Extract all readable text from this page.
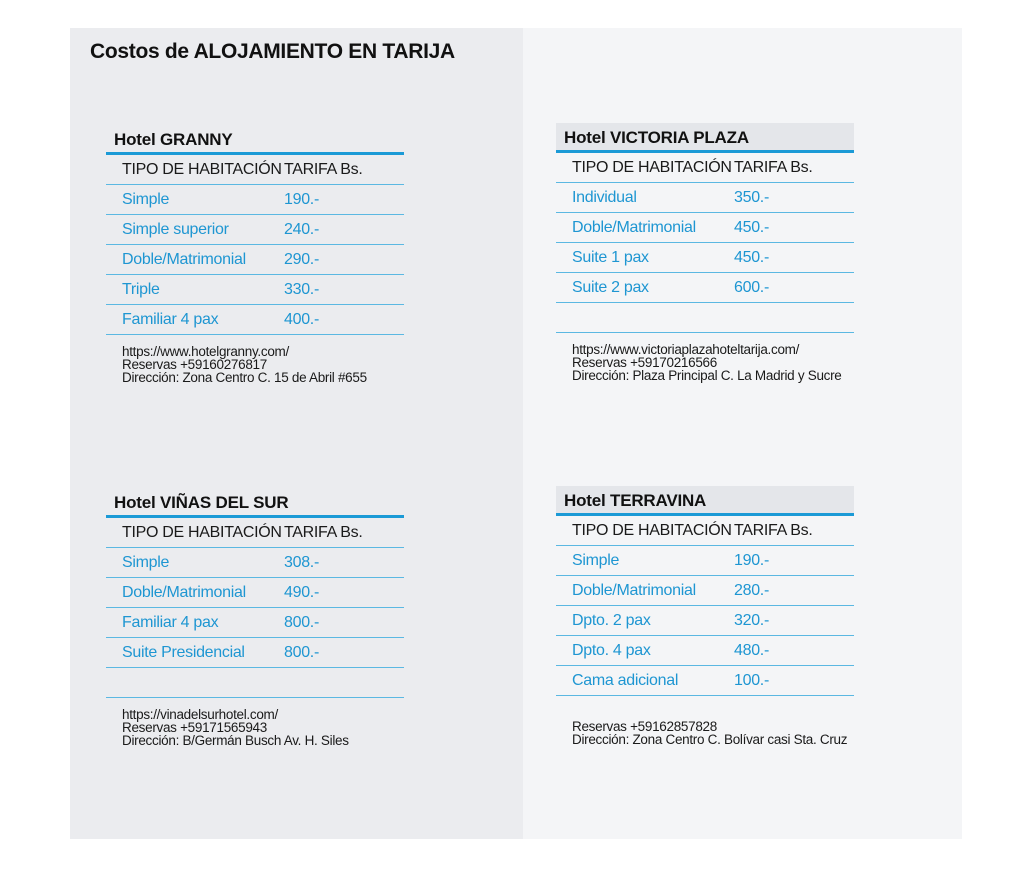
Costos de ALOJAMIENTO EN TARIJA
Hotel GRANNY
TIPO DE HABITACIÓN TARIFA Bs.
Simple	190.-
Simple superior	240.-
Doble/Matrimonial	290.-
Triple	330.-
Familiar 4 pax	400.-
https://www.hotelgranny.com/
Reservas +59160276817
Dirección: Zona Centro C. 15 de Abril #655
Hotel VICTORIA PLAZA
TIPO DE HABITACIÓN TARIFA Bs.
Individual	350.-
Doble/Matrimonial	450.-
Suite 1 pax	450.-
Suite 2 pax	600.-
https://www.victoriaplazahoteltarija.com/
Reservas +59170216566
Dirección: Plaza Principal C. La Madrid y Sucre
Hotel VIÑAS DEL SUR
TIPO DE HABITACIÓN TARIFA Bs.
Simple	308.-
Doble/Matrimonial	490.-
Familiar 4 pax	800.-
Suite Presidencial	800.-
https://vinadelsurhotel.com/
Reservas +59171565943
Dirección: B/Germán Busch Av. H. Siles
Hotel TERRAVINA
TIPO DE HABITACIÓN TARIFA Bs.
Simple	190.-
Doble/Matrimonial	280.-
Dpto. 2 pax	320.-
Dpto. 4 pax	480.-
Cama adicional	100.-
Reservas +59162857828
Dirección: Zona Centro C. Bolívar casi Sta. Cruz
